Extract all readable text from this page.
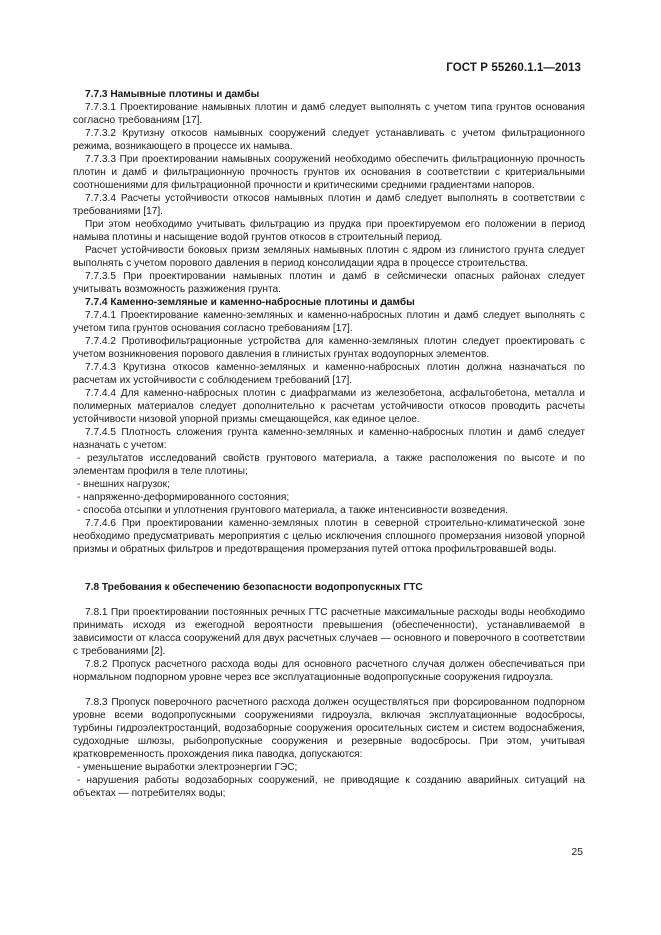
ГОСТ Р 55260.1.1—2013

7.7.3 Намывные плотины и дамбы

7.7.3.1 Проектирование намывных плотин и дамб следует выполнять с учетом типа грунтов основания согласно требованиям [17].

7.7.3.2 Крутизну откосов намывных сооружений следует устанавливать с учетом фильтрационного режима, возникающего в процессе их намыва.

7.7.3.3 При проектировании намывных сооружений необходимо обеспечить фильтрационную прочность плотин и дамб и фильтрационную прочность грунтов их основания в соответствии с критериальными соотношениями для фильтрационной прочности и критическими средними градиентами напоров.

7.7.3.4 Расчеты устойчивости откосов намывных плотин и дамб следует выполнять в соответствии с требованиями [17].

При этом необходимо учитывать фильтрацию из прудка при проектируемом его положении в период намыва плотины и насыщение водой грунтов откосов в строительный период.

Расчет устойчивости боковых призм земляных намывных плотин с ядром из глинистого грунта следует выполнять с учетом порового давления в период консолидации ядра в процессе строительства.

7.7.3.5 При проектировании намывных плотин и дамб в сейсмически опасных районах следует учитывать возможность разжижения грунта.

7.7.4 Каменно-земляные и каменно-набросные плотины и дамбы

7.7.4.1 Проектирование каменно-земляных и каменно-набросных плотин и дамб следует выполнять с учетом типа грунтов основания согласно требованиям [17].

7.7.4.2 Противофильтрационные устройства для каменно-земляных плотин следует проектировать с учетом возникновения порового давления в глинистых грунтах водоупорных элементов.

7.7.4.3 Крутизна откосов каменно-земляных и каменно-набросных плотин должна назначаться по расчетам их устойчивости с соблюдением требований [17].

7.7.4.4 Для каменно-набросных плотин с диафрагмами из железобетона, асфальтобетона, металла и полимерных материалов следует дополнительно к расчетам устойчивости откосов проводить расчеты устойчивости низовой упорной призмы смещающейся, как единое целое.

7.7.4.5 Плотность сложения грунта каменно-земляных и каменно-набросных плотин и дамб следует назначать с учетом:

- результатов исследований свойств грунтового материала, а также расположения по высоте и по элементам профиля в теле плотины;

- внешних нагрузок;

- напряженно-деформированного состояния;

- способа отсыпки и уплотнения грунтового материала, а также интенсивности возведения.

7.7.4.6 При проектировании каменно-земляных плотин в северной строительно-климатической зоне необходимо предусматривать мероприятия с целью исключения сплошного промерзания низовой упорной призмы и обратных фильтров и предотвращения промерзания путей оттока профильтровавшей воды.

7.8 Требования к обеспечению безопасности водопропускных ГТС

7.8.1 При проектировании постоянных речных ГТС расчетные максимальные расходы воды необходимо принимать исходя из ежегодной вероятности превышения (обеспеченности), устанавливаемой в зависимости от класса сооружений для двух расчетных случаев — основного и поверочного в соответствии с требованиями [2].

7.8.2 Пропуск расчетного расхода воды для основного расчетного случая должен обеспечиваться при нормальном подпорном уровне через все эксплуатационные водопропускные сооружения гидроузла.

7.8.3 Пропуск поверочного расчетного расхода должен осуществляться при форсированном подпорном уровне всеми водопропускными сооружениями гидроузла, включая эксплуатационные водосбросы, турбины гидроэлектростанций, водозаборные сооружения оросительных систем и систем водоснабжения, судоходные шлюзы, рыбопропускные сооружения и резервные водосбросы. При этом, учитывая кратковременность прохождения пика паводка, допускаются:

- уменьшение выработки электроэнергии ГЭС;

- нарушения работы водозаборных сооружений, не приводящие к созданию аварийных ситуаций на объектах — потребителях воды;

25
